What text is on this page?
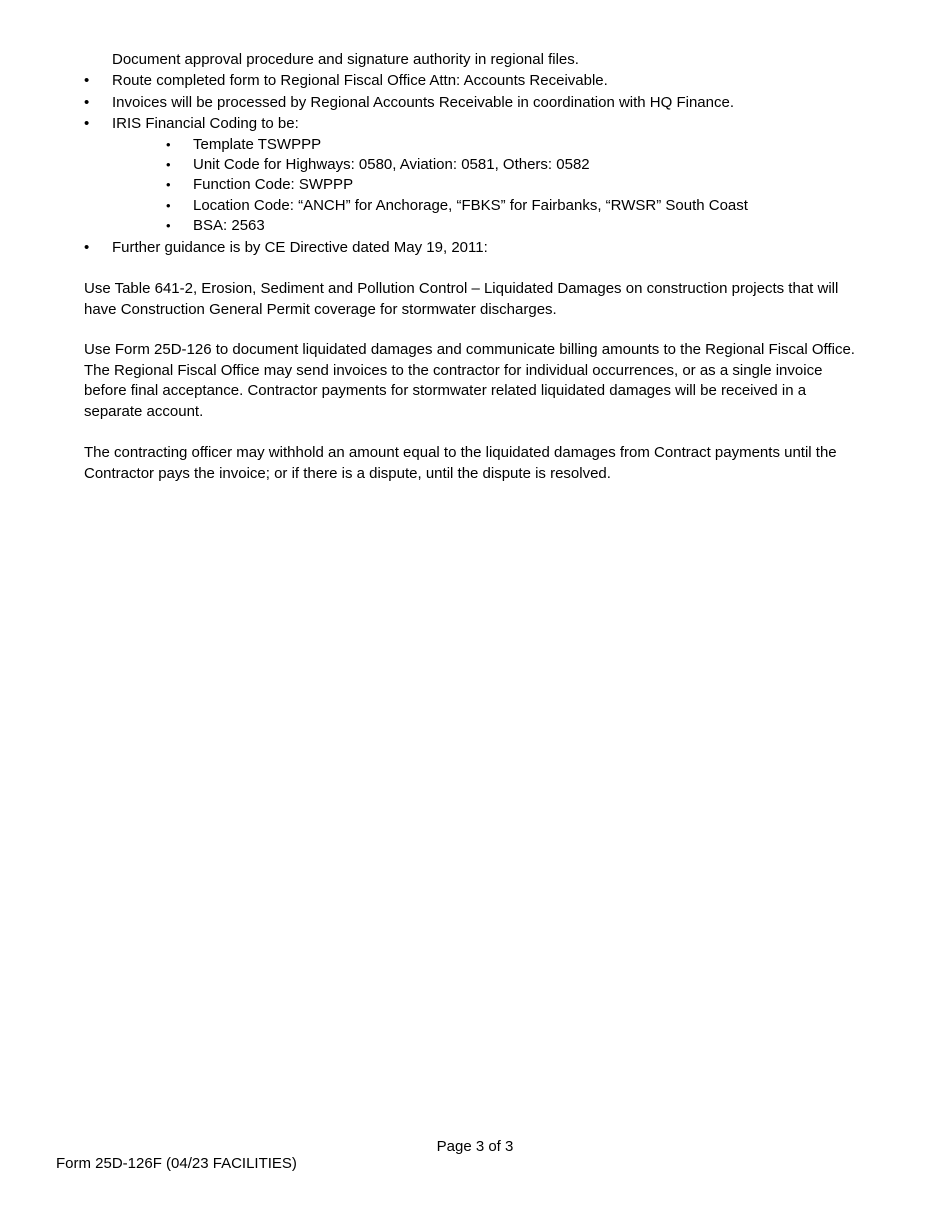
Document approval procedure and signature authority in regional files.

• Route completed form to Regional Fiscal Office Attn: Accounts Receivable.

• Invoices will be processed by Regional Accounts Receivable in coordination with HQ Finance.

• IRIS Financial Coding to be:

• Template TSWPPP

• Unit Code for Highways: 0580, Aviation: 0581, Others: 0582

• Function Code: SWPPP

• Location Code: “ANCH” for Anchorage, “FBKS” for Fairbanks, “RWSR” South Coast

• BSA: 2563

• Further guidance is by CE Directive dated May 19, 2011:

Use Table 641-2, Erosion, Sediment and Pollution Control – Liquidated Damages on construction projects that will have Construction General Permit coverage for stormwater discharges.

Use Form 25D-126 to document liquidated damages and communicate billing amounts to the Regional Fiscal Office. The Regional Fiscal Office may send invoices to the contractor for individual occurrences, or as a single invoice before final acceptance. Contractor payments for stormwater related liquidated damages will be received in a separate account.

The contracting officer may withhold an amount equal to the liquidated damages from Contract payments until the Contractor pays the invoice; or if there is a dispute, until the dispute is resolved.

Page 3 of 3
Form 25D-126F (04/23 FACILITIES)
